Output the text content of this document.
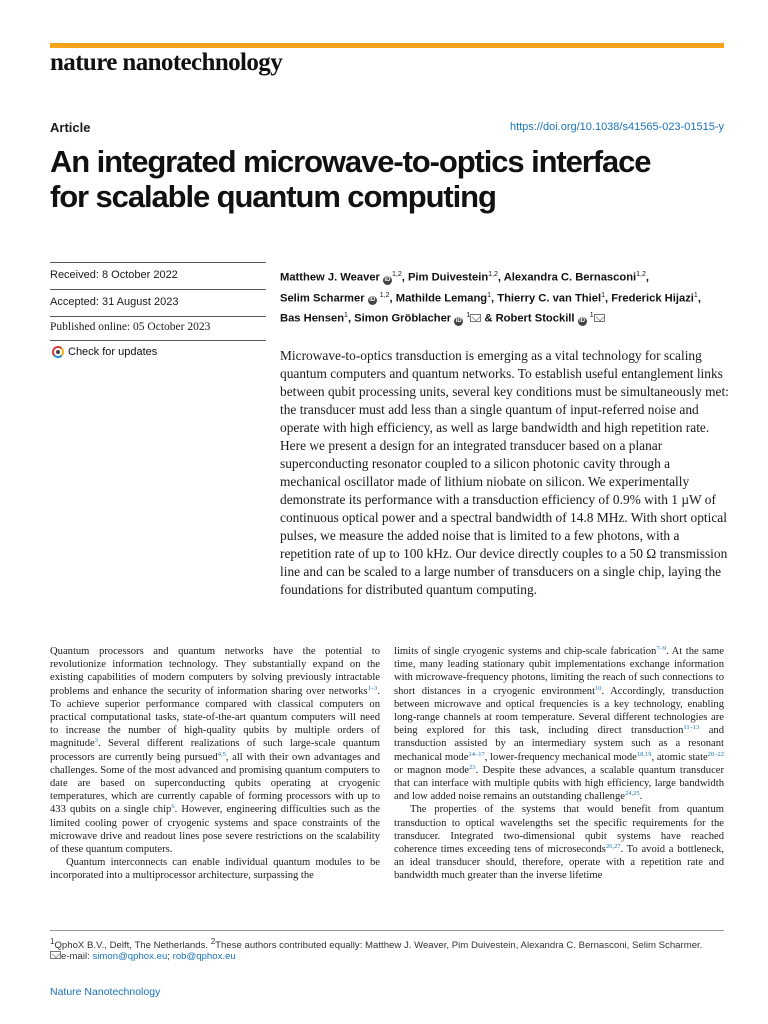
nature nanotechnology
Article	https://doi.org/10.1038/s41565-023-01515-y
An integrated microwave-to-optics interface
for scalable quantum computing
Received: 8 October 2022
Accepted: 31 August 2023
Published online: 05 October 2023
Check for updates
Matthew J. Weaver iD$^{1,2}$, Pim Duivestein$^{1,2}$, Alexandra C. Bernasconi$^{1,2}$,
Selim Scharmer iD $^{1,2}$, Mathilde Lemang$^1$, Thierry C. van Thiel$^1$, Frederick Hijazi$^1$,
Bas Hensen$^1$, Simon Gröblacher iD $^1$ & Robert Stockill iD $^1$

Microwave-to-optics transduction is emerging as a vital technology for scaling quantum computers and quantum networks. To establish useful entanglement links between qubit processing units, several key conditions must be simultaneously met: the transducer must add less than a single quantum of input-referred noise and operate with high efficiency, as well as large bandwidth and high repetition rate. Here we present a design for an integrated transducer based on a planar superconducting resonator coupled to a silicon photonic cavity through a mechanical oscillator made of lithium niobate on silicon. We experimentally demonstrate its performance with a transduction efficiency of 0.9% with 1 µW of continuous optical power and a spectral bandwidth of 14.8 MHz. With short optical pulses, we measure the added noise that is limited to a few photons, with a repetition rate of up to 100 kHz. Our device directly couples to a 50 Ω transmission line and can be scaled to a large number of transducers on a single chip, laying the foundations for distributed quantum computing.

Quantum processors and quantum networks have the potential to revolutionize information technology. They substantially expand on the existing capabilities of modern computers by solving previously intractable problems and enhance the security of information sharing over networks$^{1-3}$. To achieve superior performance compared with classical computers on practical computational tasks, state-of-the-art quantum computers will need to increase the number of high-quality qubits by multiple orders of magnitude$^3$. Several different realizations of such large-scale quantum processors are currently being pursued$^{4,5}$, all with their own advantages and challenges. Some of the most advanced and promising quantum computers to date are based on superconducting qubits operating at cryogenic temperatures, which are currently capable of forming processors with up to 433 qubits on a single chip$^6$. However, engineering difficulties such as the limited cooling power of cryogenic systems and space constraints of the microwave drive and readout lines pose severe restrictions on the scalability of these quantum computers.

Quantum interconnects can enable individual quantum modules to be incorporated into a multiprocessor architecture, surpassing the

limits of single cryogenic systems and chip-scale fabrication$^{7-9}$. At the same time, many leading stationary qubit implementations exchange information with microwave-frequency photons, limiting the reach of such connections to short distances in a cryogenic environment$^{10}$. Accordingly, transduction between microwave and optical frequencies is a key technology, enabling long-range channels at room temperature. Several different technologies are being explored for this task, including direct transduction$^{11-13}$ and transduction assisted by an intermediary system such as a resonant mechanical mode$^{14-17}$, lower-frequency mechanical mode$^{18,19}$, atomic state$^{20-22}$ or magnon mode$^{23}$. Despite these advances, a scalable quantum transducer that can interface with multiple qubits with high efficiency, large bandwidth and low added noise remains an outstanding challenge$^{24,25}$.

The properties of the systems that would benefit from quantum transduction to optical wavelengths set the specific requirements for the transducer. Integrated two-dimensional qubit systems have reached coherence times exceeding tens of microseconds$^{26,27}$. To avoid a bottleneck, an ideal transducer should, therefore, operate with a repetition rate and bandwidth much greater than the inverse lifetime

$^1$QphoX B.V., Delft, The Netherlands. $^2$These authors contributed equally: Matthew J. Weaver, Pim Duivestein, Alexandra C. Bernasconi, Selim Scharmer.
e-mail: simon@qphox.eu; rob@qphox.eu
Nature Nanotechnology
